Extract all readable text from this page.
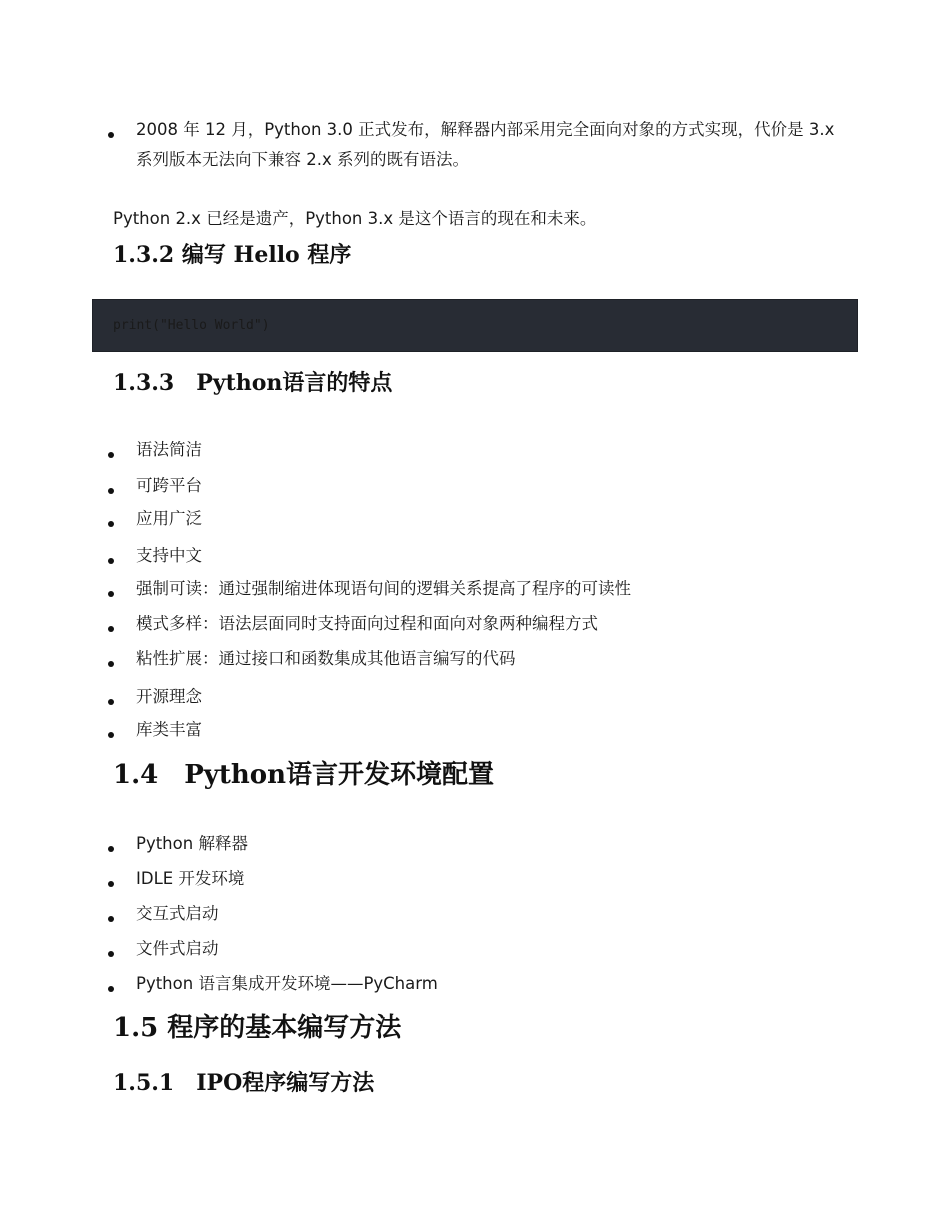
2008 年 12 月，Python 3.0 正式发布，解释器内部采用完全面向对象的方式实现，代价是 3.x 系列版本无法向下兼容 2.x 系列的既有语法。
Python 2.x 已经是遗产，Python 3.x 是这个语言的现在和未来。
1.3.2 编写 Hello 程序
print("Hello World")
1.3.3　Python语言的特点
语法简洁
可跨平台
应用广泛
支持中文
强制可读：通过强制缩进体现语句间的逻辑关系提高了程序的可读性
模式多样：语法层面同时支持面向过程和面向对象两种编程方式
粘性扩展：通过接口和函数集成其他语言编写的代码
开源理念
库类丰富
1.4　Python语言开发环境配置
Python 解释器
IDLE 开发环境
交互式启动
文件式启动
Python 语言集成开发环境——PyCharm
1.5 程序的基本编写方法
1.5.1　IPO程序编写方法
